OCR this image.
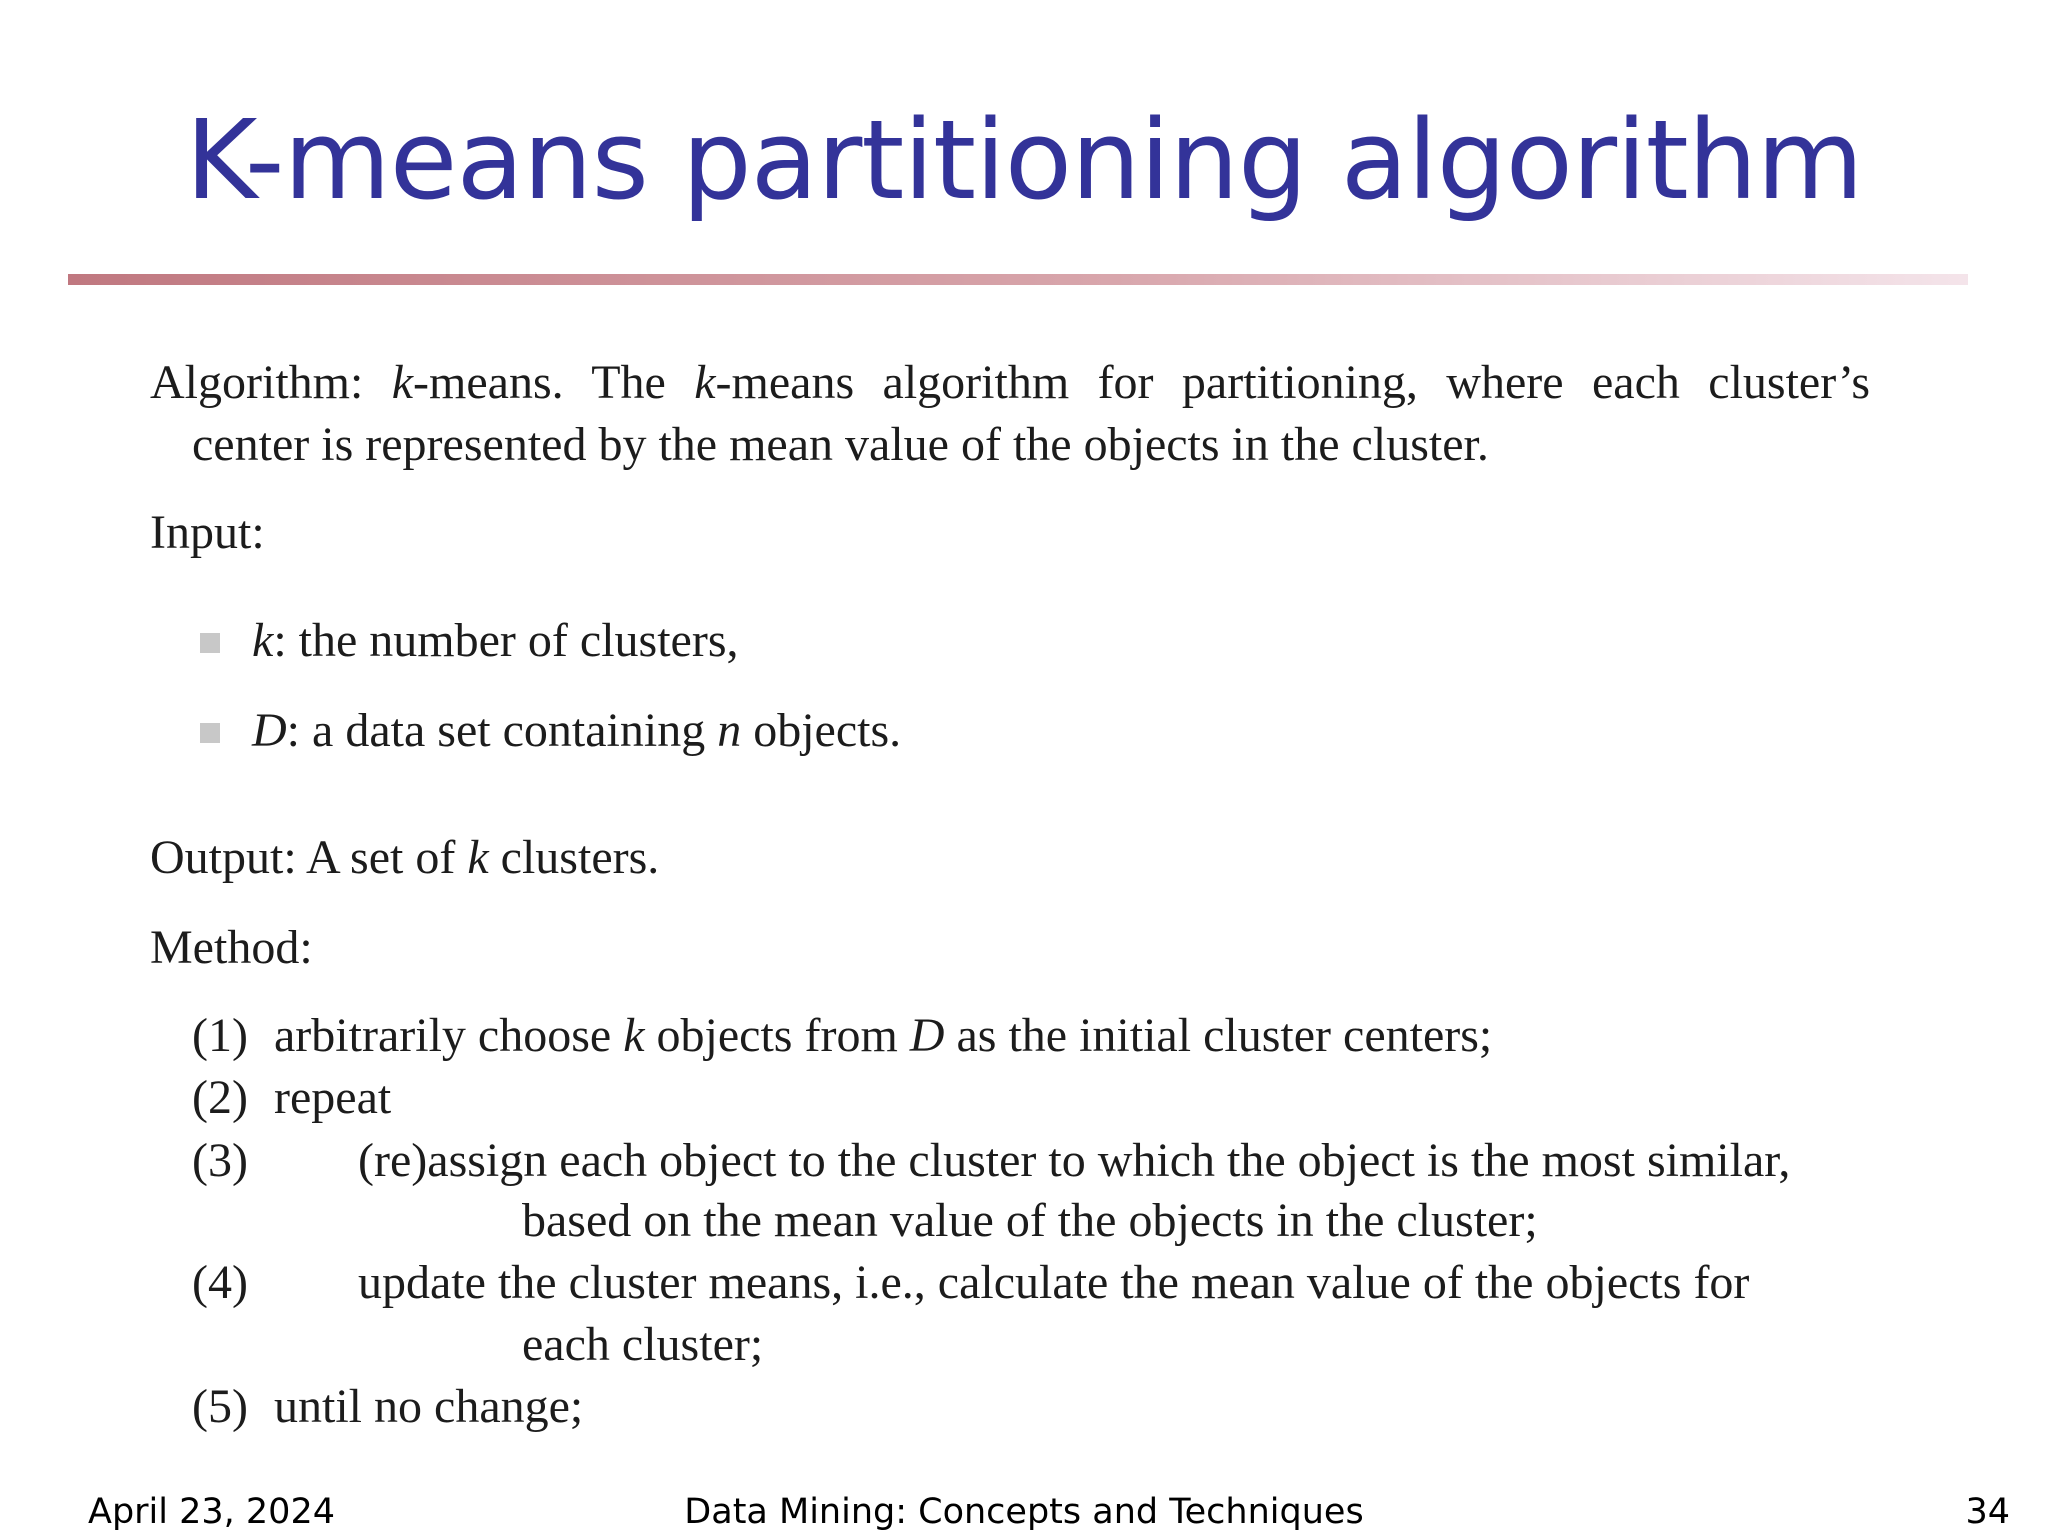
K-means partitioning algorithm
Algorithm: k-means. The k-means algorithm for partitioning, where each cluster’s
center is represented by the mean value of the objects in the cluster.
Input:
k: the number of clusters,
D: a data set containing n objects.
Output: A set of k clusters.
Method:
(1) arbitrarily choose k objects from D as the initial cluster centers;
(2) repeat
(3) (re)assign each object to the cluster to which the object is the most similar,
based on the mean value of the objects in the cluster;
(4) update the cluster means, i.e., calculate the mean value of the objects for
each cluster;
(5) until no change;
April 23, 2024	Data Mining: Concepts and Techniques	34
